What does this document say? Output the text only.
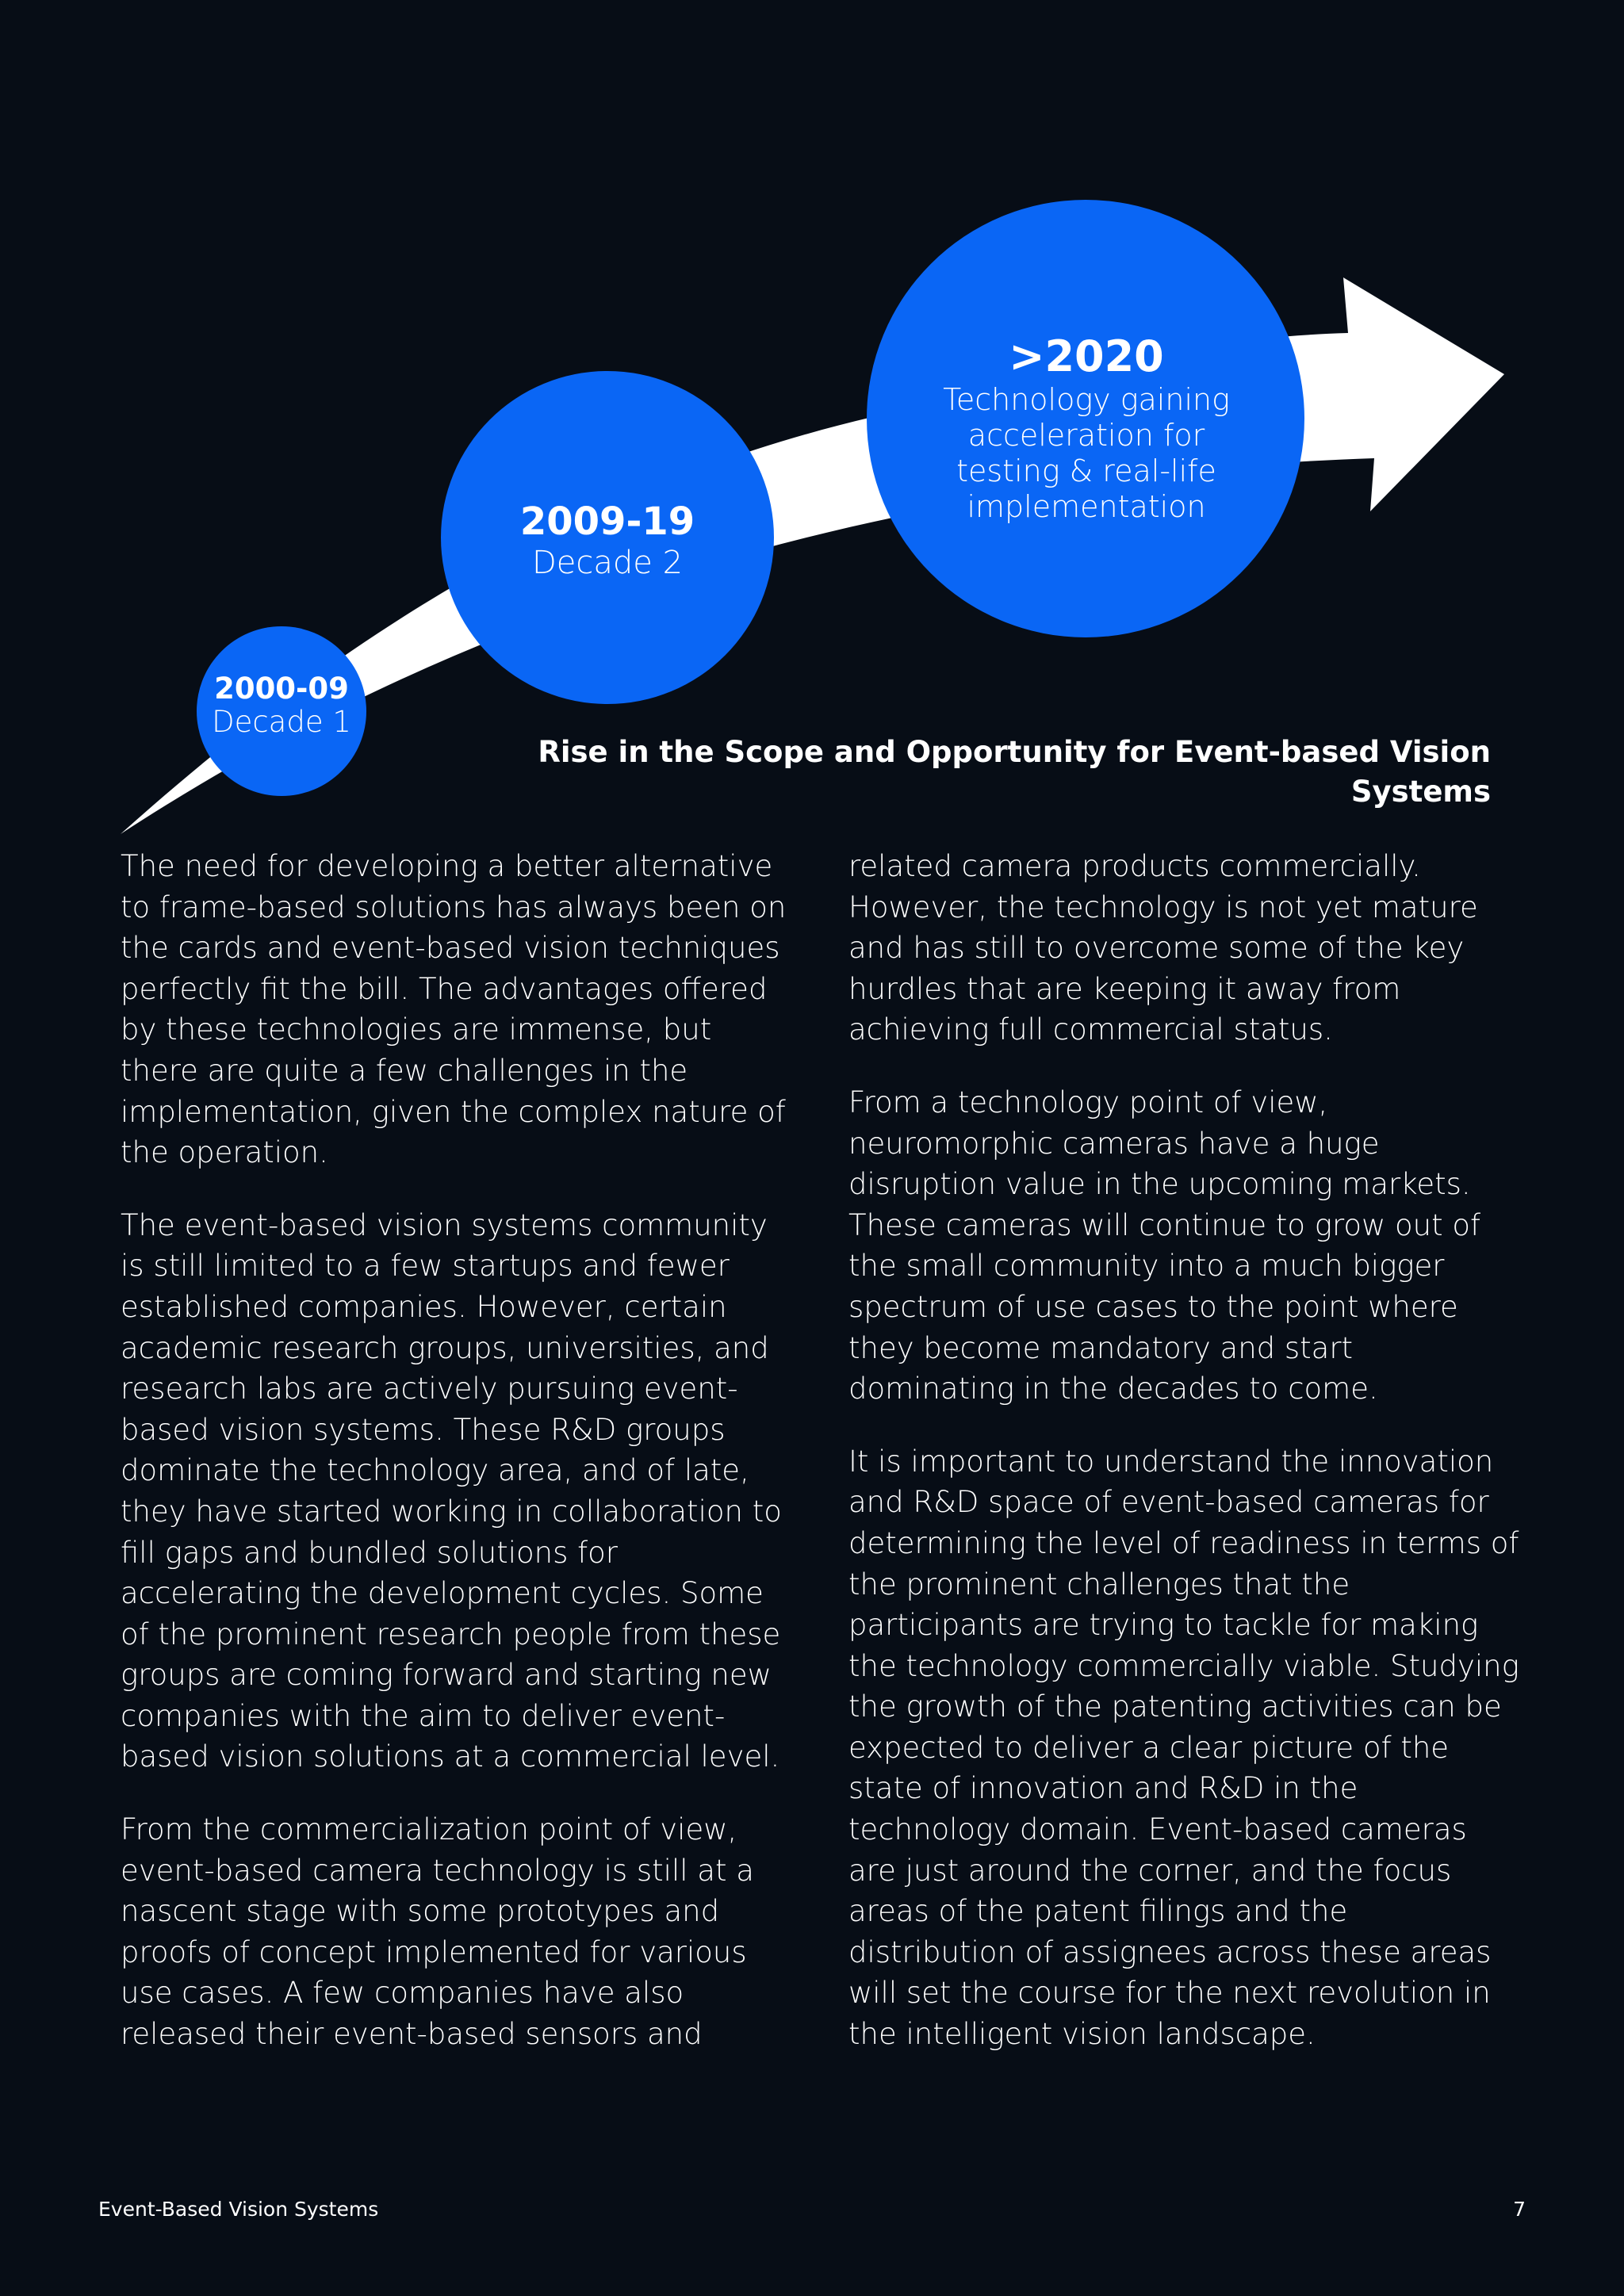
2000-09
Decade 1
2009-19
Decade 2
>2020
Technology gaining acceleration for testing & real-life implementation
Rise in the Scope and Opportunity for Event-based Vision Systems

The need for developing a better alternative to frame-based solutions has always been on the cards and event-based vision techniques perfectly fit the bill. The advantages offered by these technologies are immense, but there are quite a few challenges in the implementation, given the complex nature of the operation.

The event-based vision systems community is still limited to a few startups and fewer established companies. However, certain academic research groups, universities, and research labs are actively pursuing event-based vision systems. These R&D groups dominate the technology area, and of late, they have started working in collaboration to fill gaps and bundled solutions for accelerating the development cycles. Some of the prominent research people from these groups are coming forward and starting new companies with the aim to deliver event-based vision solutions at a commercial level.

From the commercialization point of view, event-based camera technology is still at a nascent stage with some prototypes and proofs of concept implemented for various use cases. A few companies have also released their event-based sensors and

related camera products commercially. However, the technology is not yet mature and has still to overcome some of the key hurdles that are keeping it away from achieving full commercial status.

From a technology point of view, neuromorphic cameras have a huge disruption value in the upcoming markets. These cameras will continue to grow out of the small community into a much bigger spectrum of use cases to the point where they become mandatory and start dominating in the decades to come.

It is important to understand the innovation and R&D space of event-based cameras for determining the level of readiness in terms of the prominent challenges that the participants are trying to tackle for making the technology commercially viable. Studying the growth of the patenting activities can be expected to deliver a clear picture of the state of innovation and R&D in the technology domain. Event-based cameras are just around the corner, and the focus areas of the patent filings and the distribution of assignees across these areas will set the course for the next revolution in the intelligent vision landscape.

Event-Based Vision Systems	7
